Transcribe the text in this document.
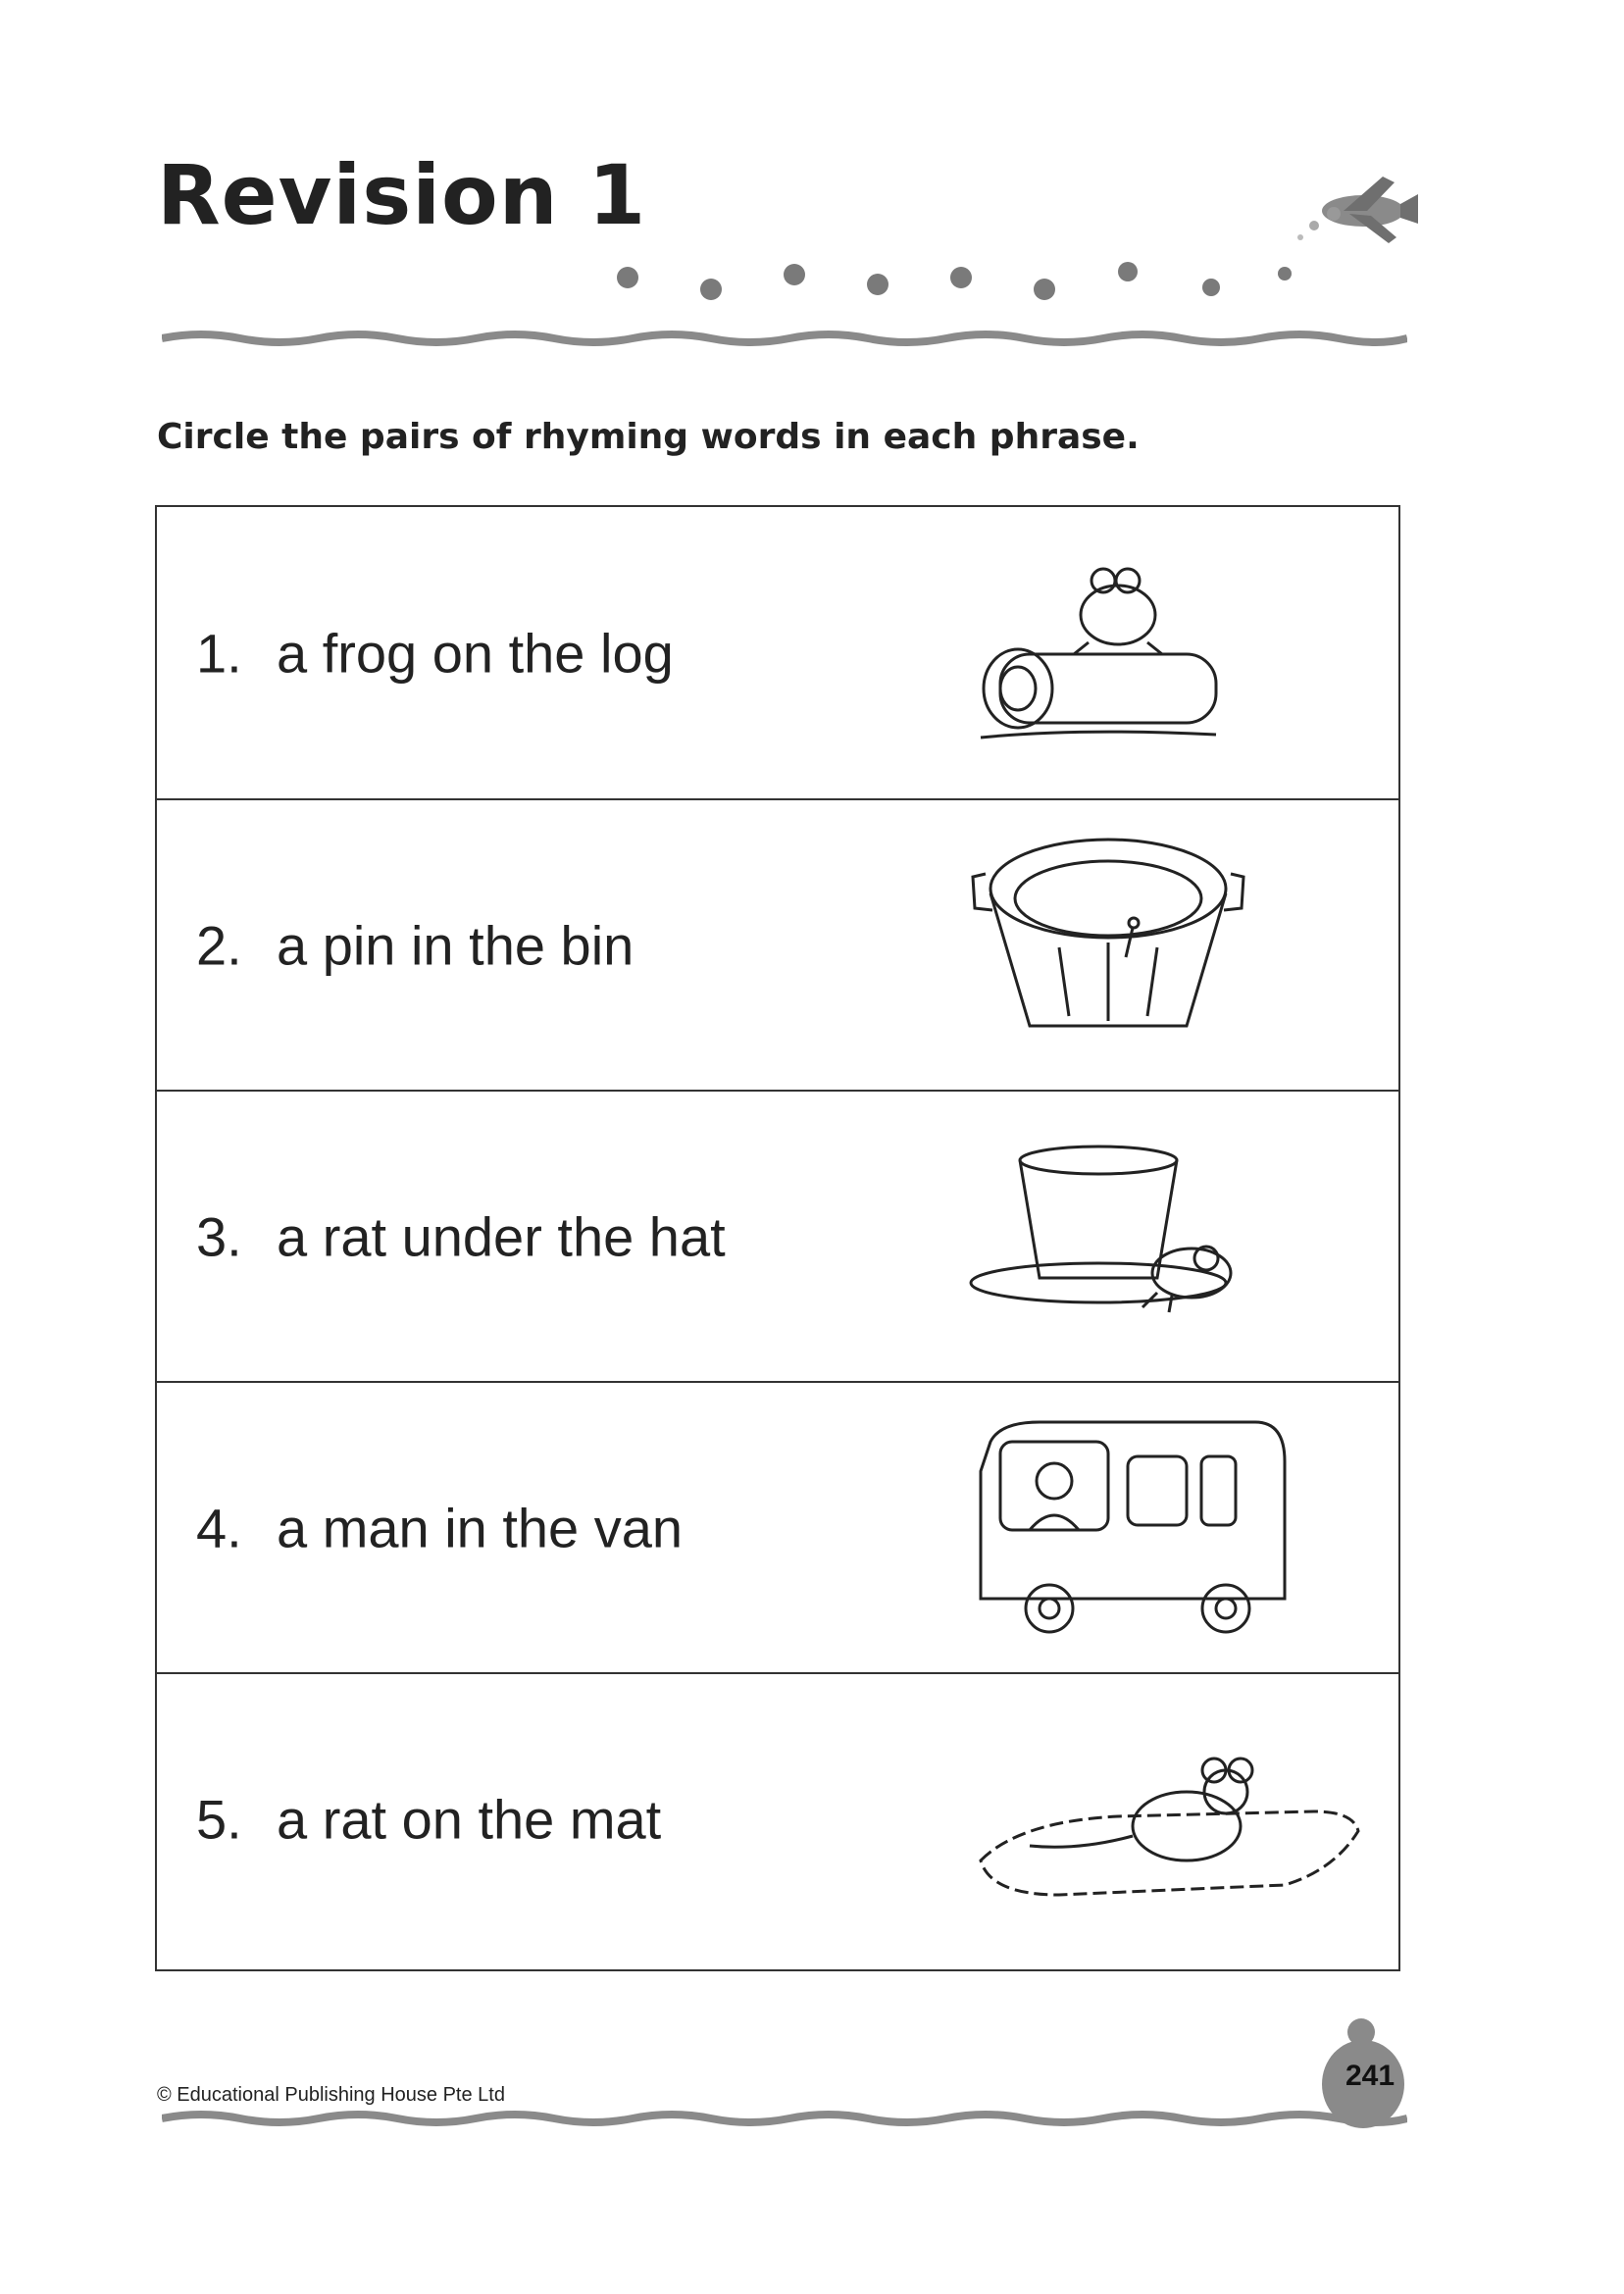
Revision 1
Circle the pairs of rhyming words in each phrase.
1. a frog on the log
2. a pin in the bin
3. a rat under the hat
4. a man in the van
5. a rat on the mat
© Educational Publishing House Pte Ltd
241
